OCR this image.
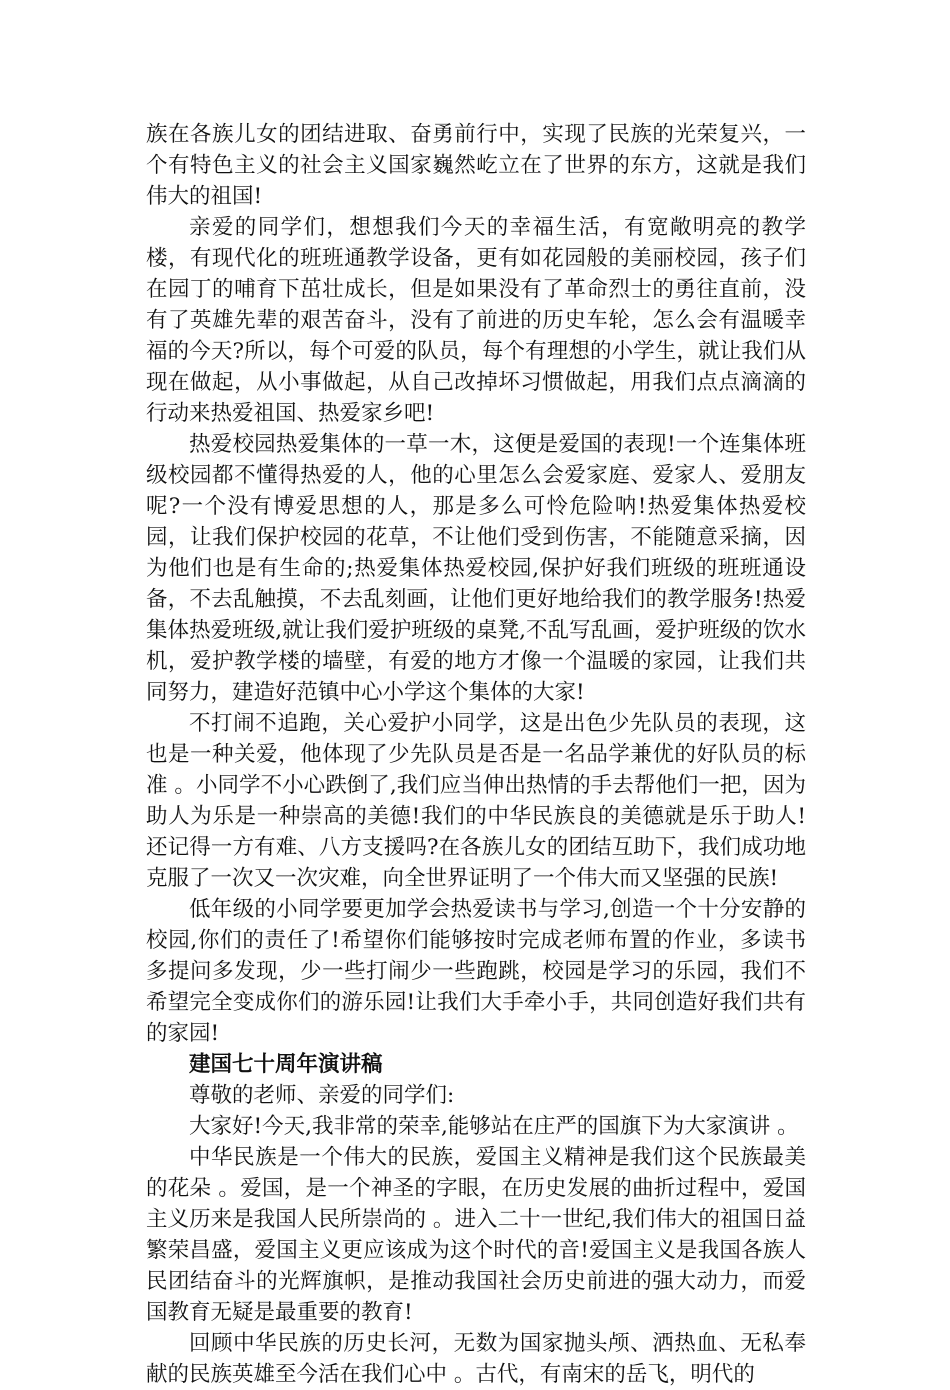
族在各族儿女的团结进取、奋勇前行中，实现了民族的光荣复兴，一个有特色主义的社会主义国家巍然屹立在了世界的东方，这就是我们伟大的祖国!

亲爱的同学们，想想我们今天的幸福生活，有宽敞明亮的教学楼，有现代化的班班通教学设备，更有如花园般的美丽校园，孩子们在园丁的哺育下茁壮成长，但是如果没有了革命烈士的勇往直前，没有了英雄先辈的艰苦奋斗，没有了前进的历史车轮，怎么会有温暖幸福的今天?所以，每个可爱的队员，每个有理想的小学生，就让我们从现在做起，从小事做起，从自己改掉坏习惯做起，用我们点点滴滴的行动来热爱祖国、热爱家乡吧!

热爱校园热爱集体的一草一木，这便是爱国的表现!一个连集体班级校园都不懂得热爱的人，他的心里怎么会爱家庭、爱家人、爱朋友呢?一个没有博爱思想的人，那是多么可怜危险呐!热爱集体热爱校园，让我们保护校园的花草，不让他们受到伤害，不能随意采摘，因为他们也是有生命的;热爱集体热爱校园,保护好我们班级的班班通设备，不去乱触摸，不去乱刻画，让他们更好地给我们的教学服务!热爱集体热爱班级,就让我们爱护班级的桌凳,不乱写乱画，爱护班级的饮水机，爱护教学楼的墙壁，有爱的地方才像一个温暖的家园，让我们共同努力，建造好范镇中心小学这个集体的大家!

不打闹不追跑，关心爱护小同学，这是出色少先队员的表现，这也是一种关爱，他体现了少先队员是否是一名品学兼优的好队员的标准 。小同学不小心跌倒了,我们应当伸出热情的手去帮他们一把，因为助人为乐是一种崇高的美德!我们的中华民族良的美德就是乐于助人!还记得一方有难、八方支援吗?在各族儿女的团结互助下，我们成功地克服了一次又一次灾难，向全世界证明了一个伟大而又坚强的民族!

低年级的小同学要更加学会热爱读书与学习,创造一个十分安静的校园,你们的责任了!希望你们能够按时完成老师布置的作业，多读书多提问多发现，少一些打闹少一些跑跳，校园是学习的乐园，我们不希望完全变成你们的游乐园!让我们大手牵小手，共同创造好我们共有的家园!

建国七十周年演讲稿

尊敬的老师、亲爱的同学们:

大家好!今天,我非常的荣幸,能够站在庄严的国旗下为大家演讲 。

中华民族是一个伟大的民族，爱国主义精神是我们这个民族最美的花朵 。爱国，是一个神圣的字眼，在历史发展的曲折过程中，爱国主义历来是我国人民所崇尚的 。进入二十一世纪,我们伟大的祖国日益繁荣昌盛，爱国主义更应该成为这个时代的音!爱国主义是我国各族人民团结奋斗的光辉旗帜，是推动我国社会历史前进的强大动力，而爱国教育无疑是最重要的教育!

回顾中华民族的历史长河，无数为国家抛头颅、洒热血、无私奉献的民族英雄至今活在我们心中 。古代，有南宋的岳飞，明代的
